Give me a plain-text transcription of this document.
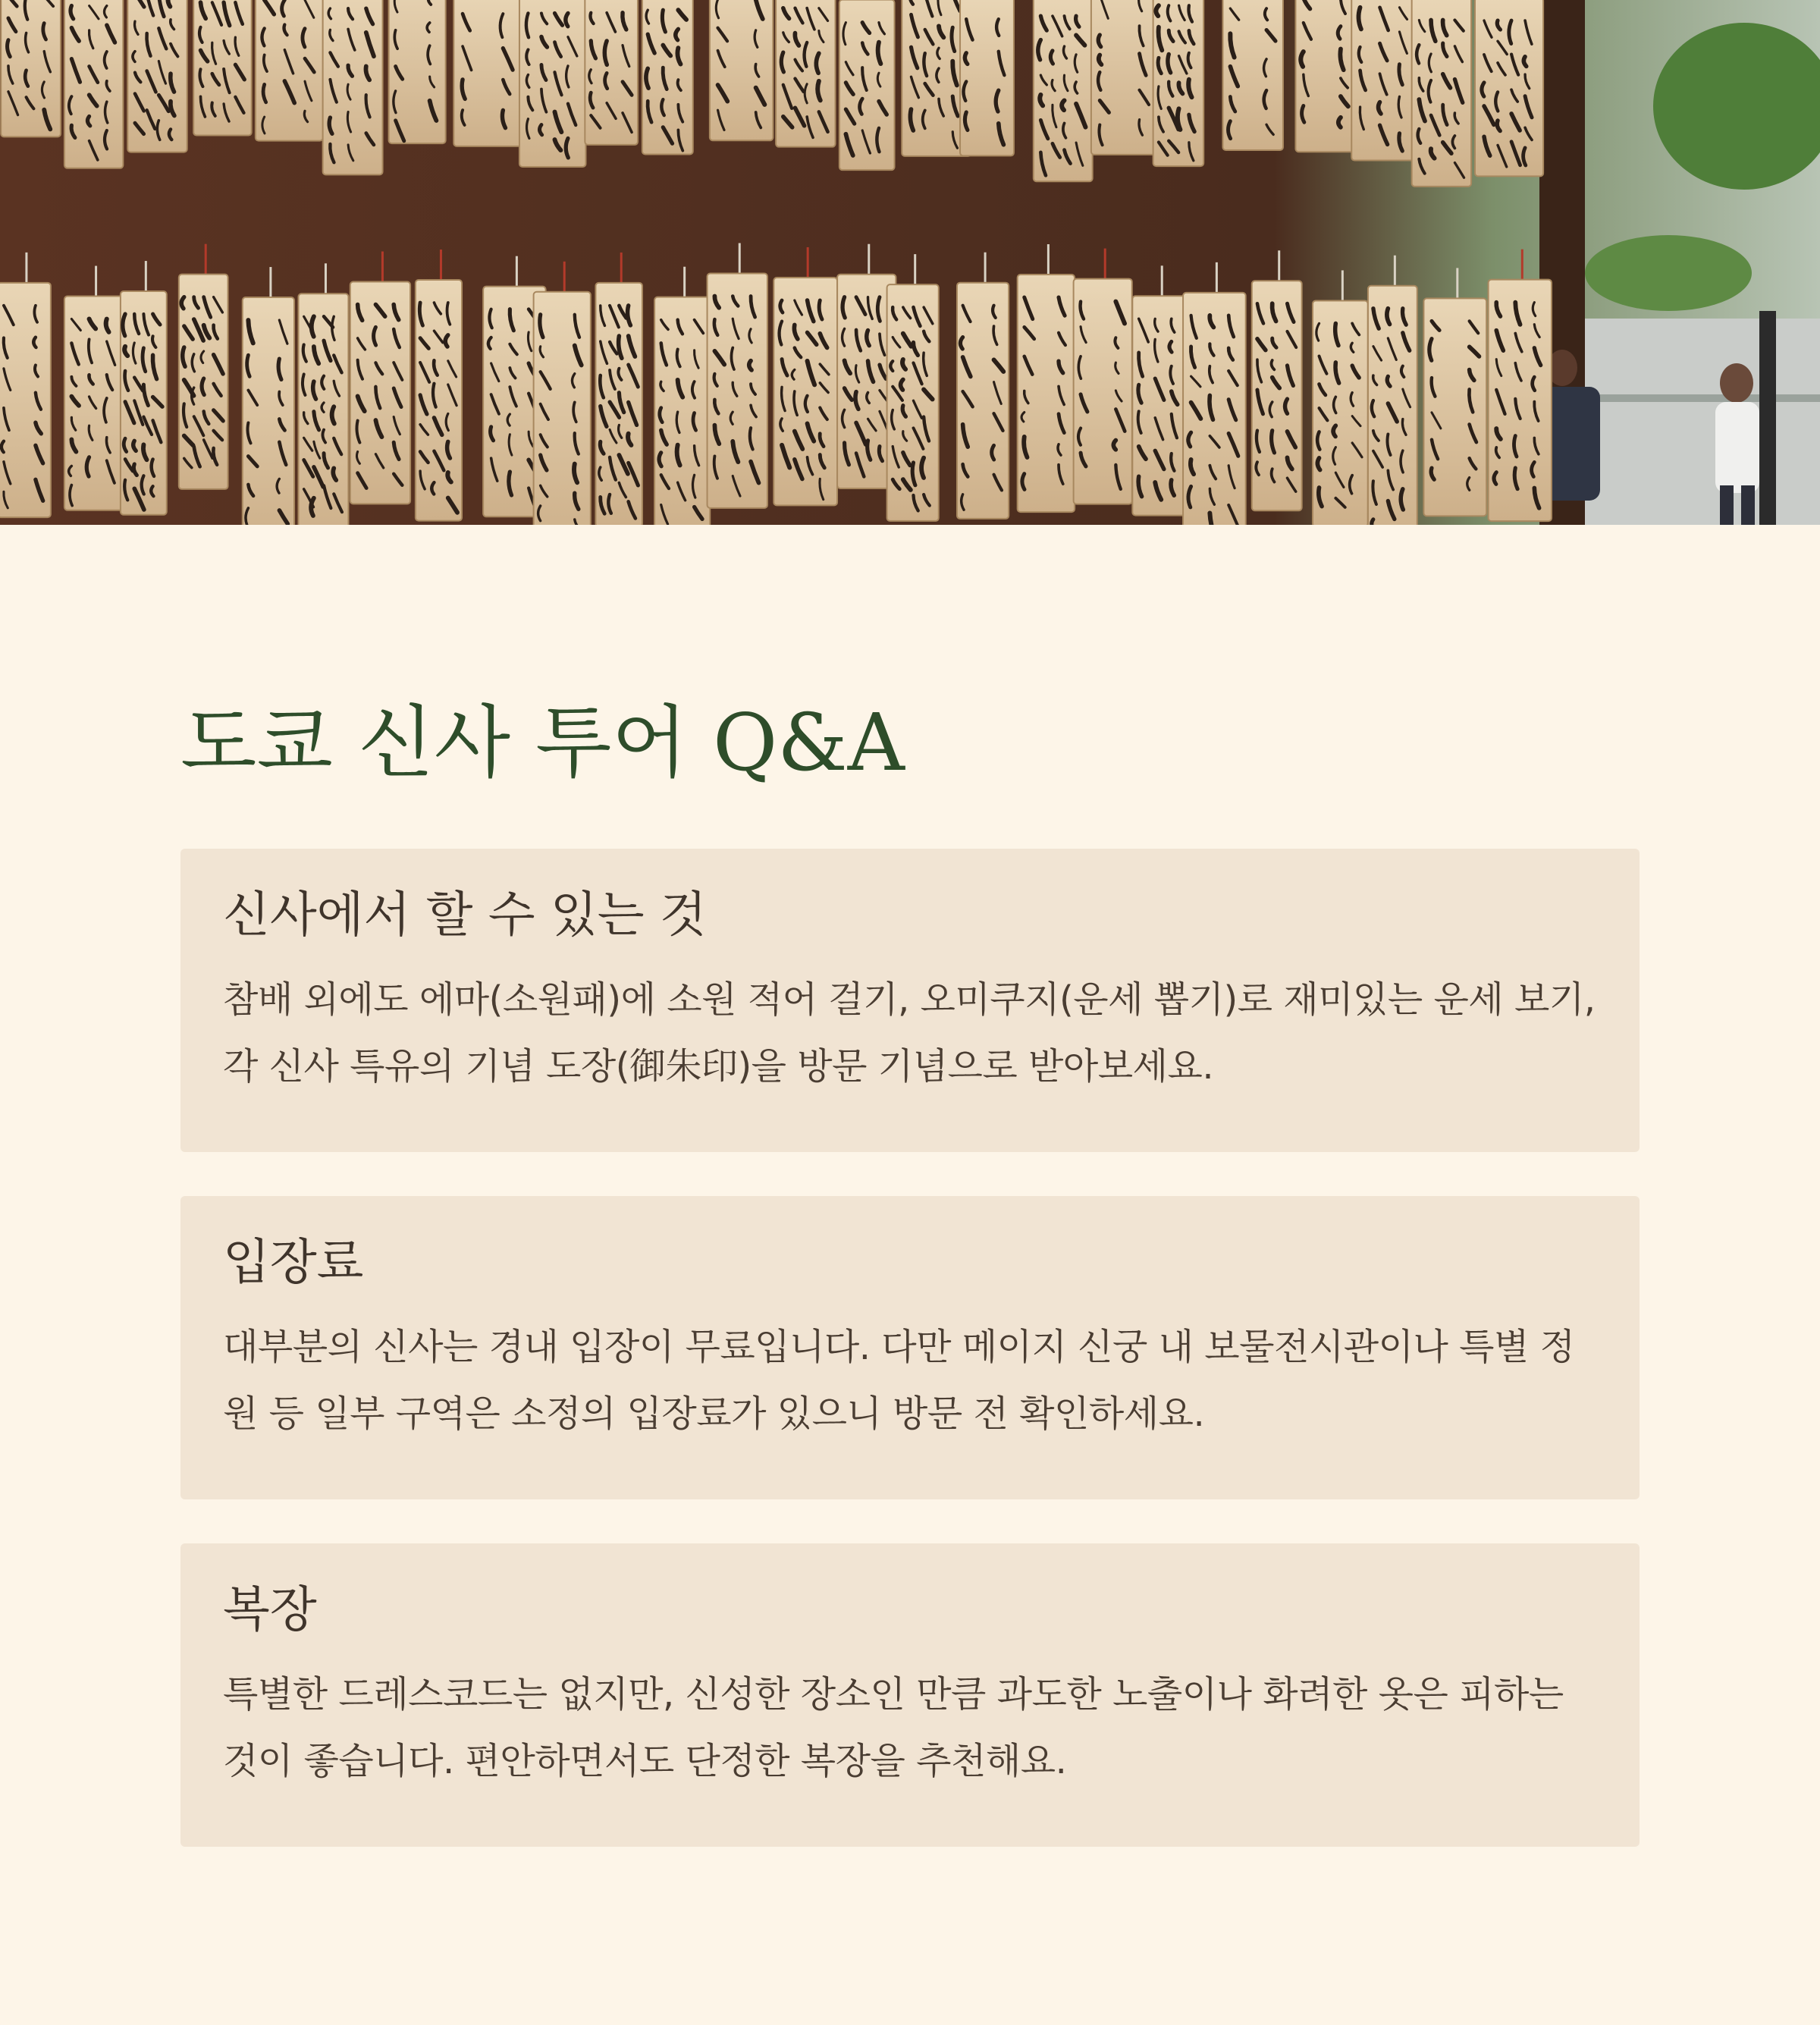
도쿄 신사 투어 Q&A
신사에서 할 수 있는 것

참배 외에도 에마(소원패)에 소원 적어 걸기, 오미쿠지(운세 뽑기)로 재미있는 운세 보기, 각 신사 특유의 기념 도장(御朱印)을 방문 기념으로 받아보세요.

입장료

대부분의 신사는 경내 입장이 무료입니다. 다만 메이지 신궁 내 보물전시관이나 특별 정원 등 일부 구역은 소정의 입장료가 있으니 방문 전 확인하세요.

복장

특별한 드레스코드는 없지만, 신성한 장소인 만큼 과도한 노출이나 화려한 옷은 피하는 것이 좋습니다. 편안하면서도 단정한 복장을 추천해요.
